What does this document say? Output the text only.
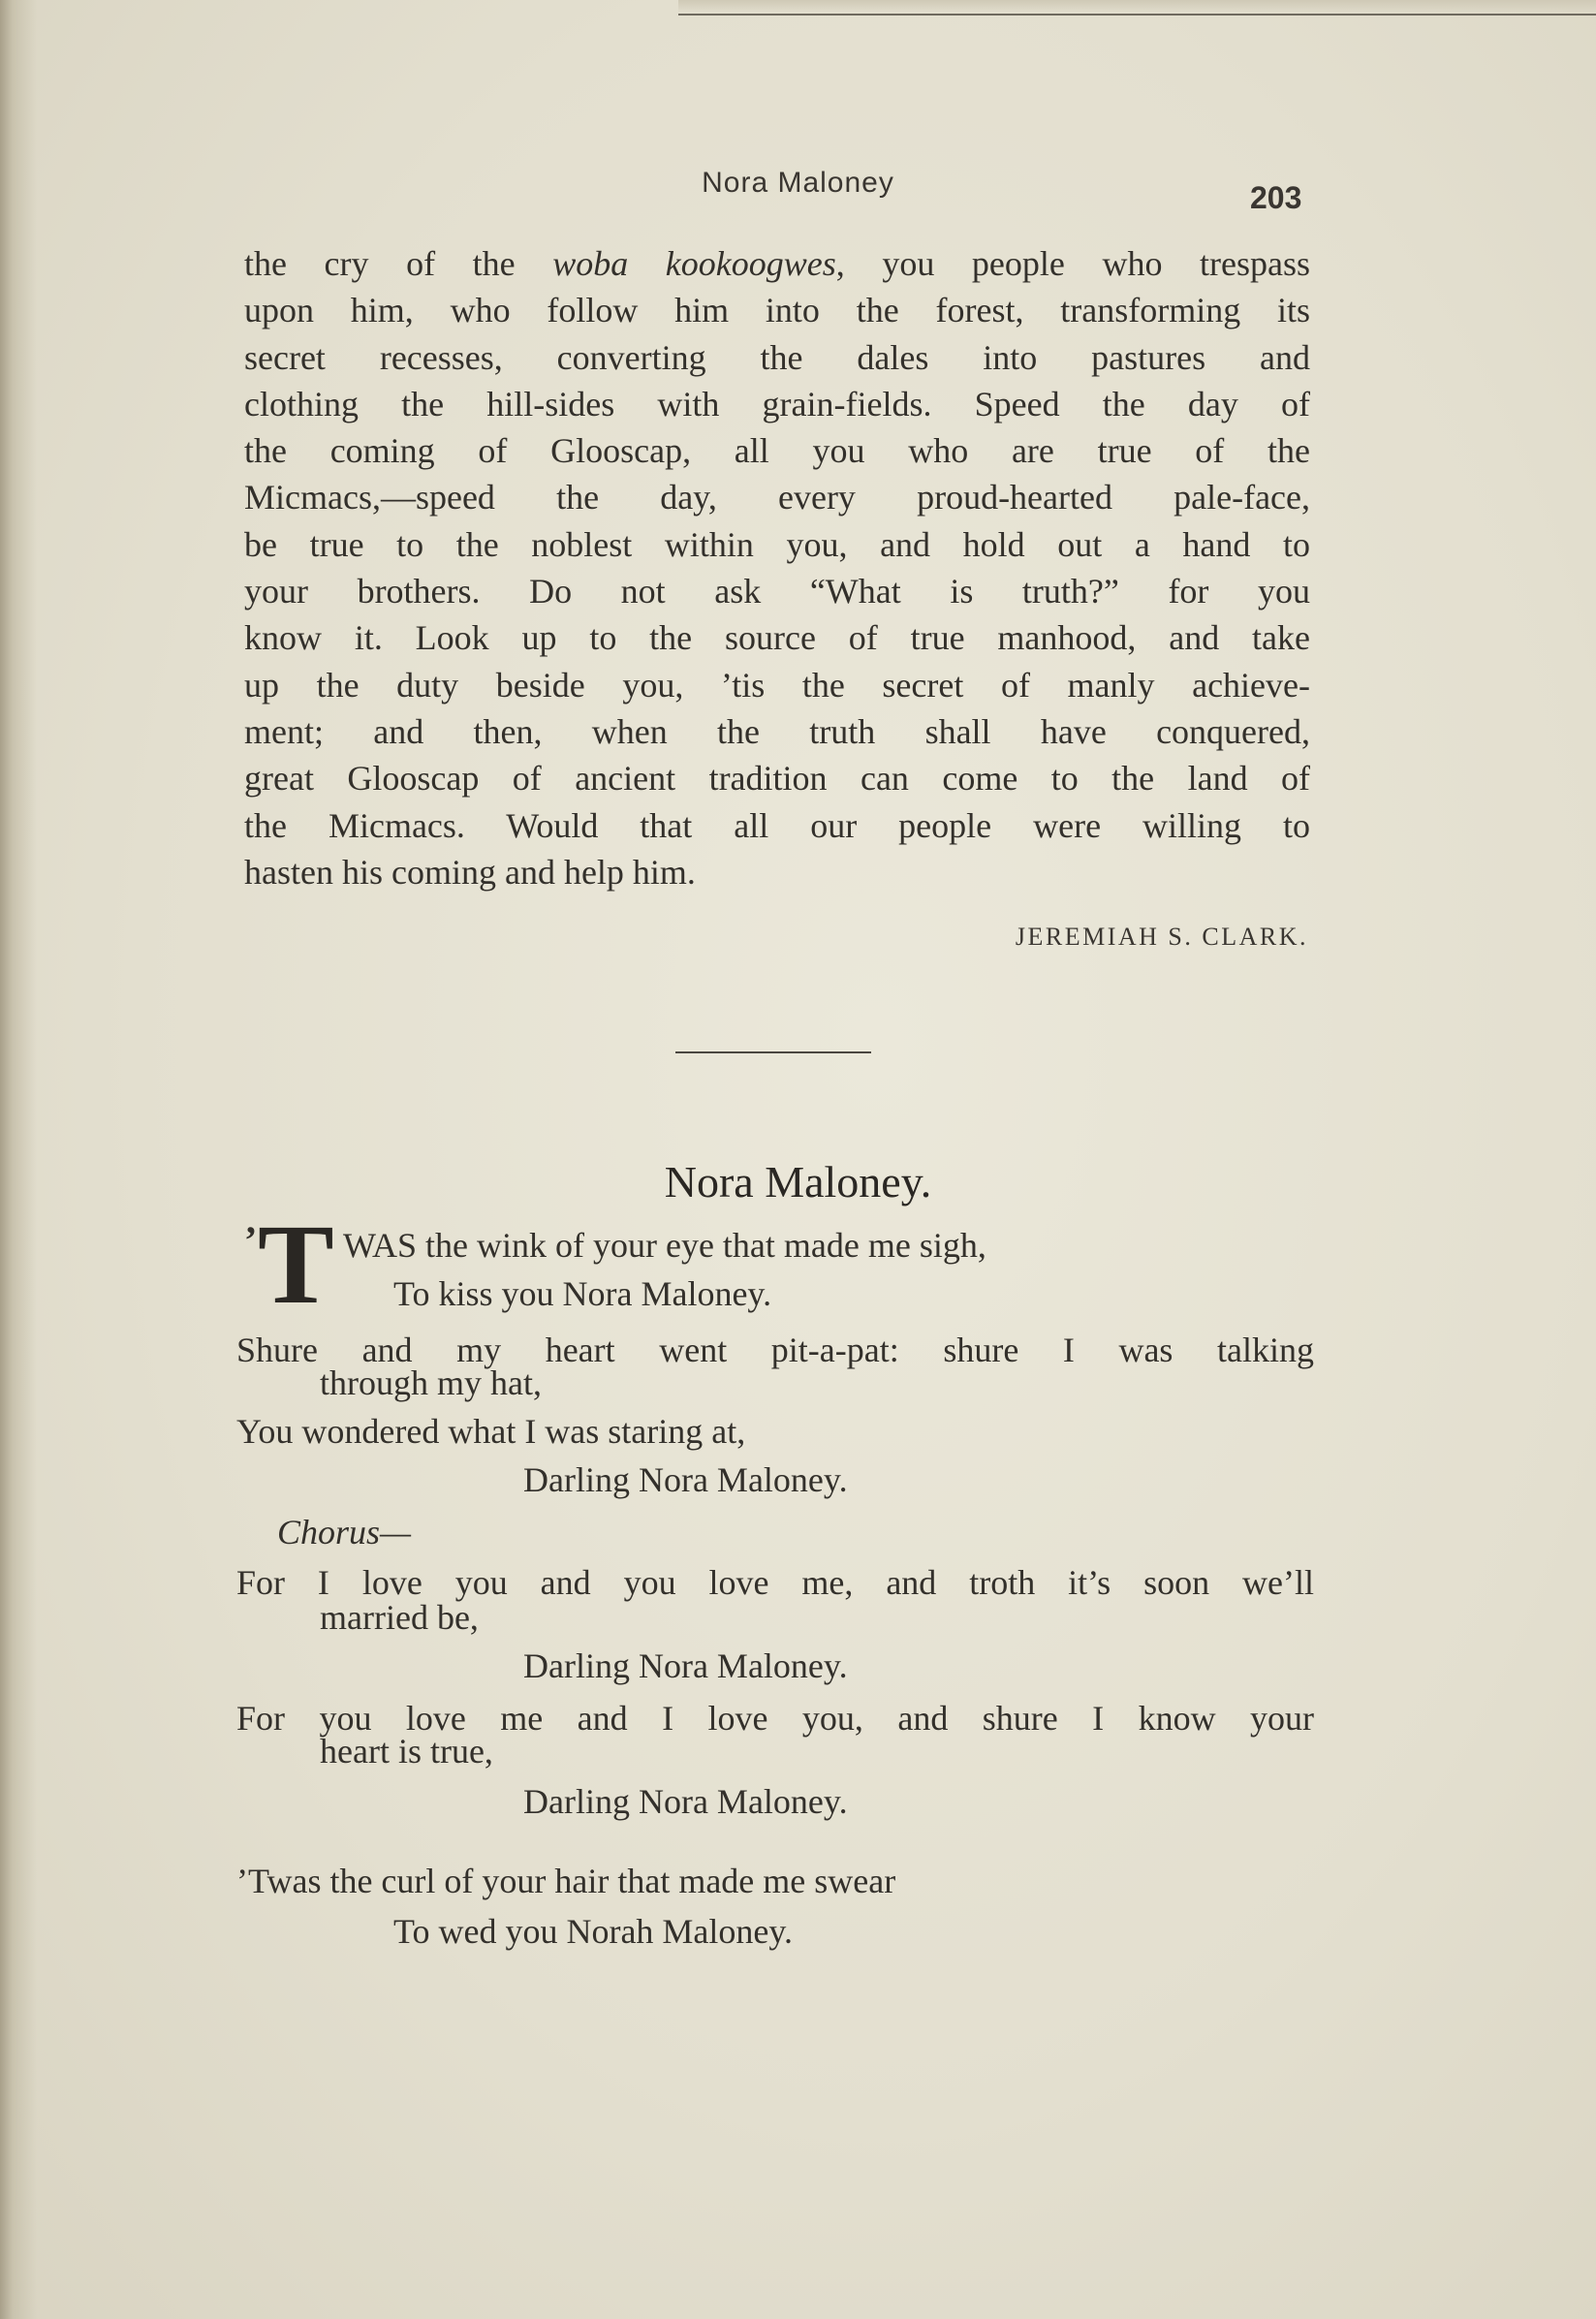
Nora Maloney	203
the cry of the woba kookoogwes, you people who trespass
upon him, who follow him into the forest, transforming its
secret recesses, converting the dales into pastures and
clothing the hill-sides with grain-fields. Speed the day of
the coming of Glooscap, all you who are true of the
Micmacs,—speed the day, every proud-hearted pale-face,
be true to the noblest within you, and hold out a hand to
your brothers. Do not ask “What is truth?” for you
know it. Look up to the source of true manhood, and take
up the duty beside you, ’tis the secret of manly achieve-
ment; and then, when the truth shall have conquered,
great Glooscap of ancient tradition can come to the land of
the Micmacs. Would that all our people were willing to
hasten his coming and help him.
JEREMIAH S. CLARK.
Nora Maloney.
’ T WAS the wink of your eye that made me sigh,
To kiss you Nora Maloney.
Shure and my heart went pit-a-pat: shure I was talking
through my hat,
You wondered what I was staring at,
Darling Nora Maloney.
Chorus—
For I love you and you love me, and troth it’s soon we’ll
married be,
Darling Nora Maloney.
For you love me and I love you, and shure I know your
heart is true,
Darling Nora Maloney.
’Twas the curl of your hair that made me swear
To wed you Norah Maloney.
